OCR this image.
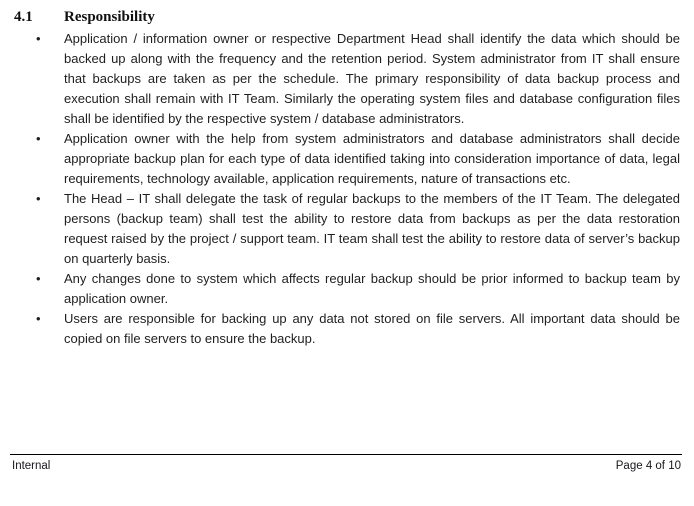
4.1	Responsibility
• Application / information owner or respective Department Head shall identify the data which should be backed up along with the frequency and the retention period. System administrator from IT shall ensure that backups are taken as per the schedule. The primary responsibility of data backup process and execution shall remain with IT Team. Similarly the operating system files and database configuration files shall be identified by the respective system / database administrators.
• Application owner with the help from system administrators and database administrators shall decide appropriate backup plan for each type of data identified taking into consideration importance of data, legal requirements, technology available, application requirements, nature of transactions etc.
• The Head – IT shall delegate the task of regular backups to the members of the IT Team. The delegated persons (backup team) shall test the ability to restore data from backups as per the data restoration request raised by the project / support team. IT team shall test the ability to restore data of server’s backup on quarterly basis.
• Any changes done to system which affects regular backup should be prior informed to backup team by application owner.
• Users are responsible for backing up any data not stored on file servers. All important data should be copied on file servers to ensure the backup.
Internal	Page 4 of 10
